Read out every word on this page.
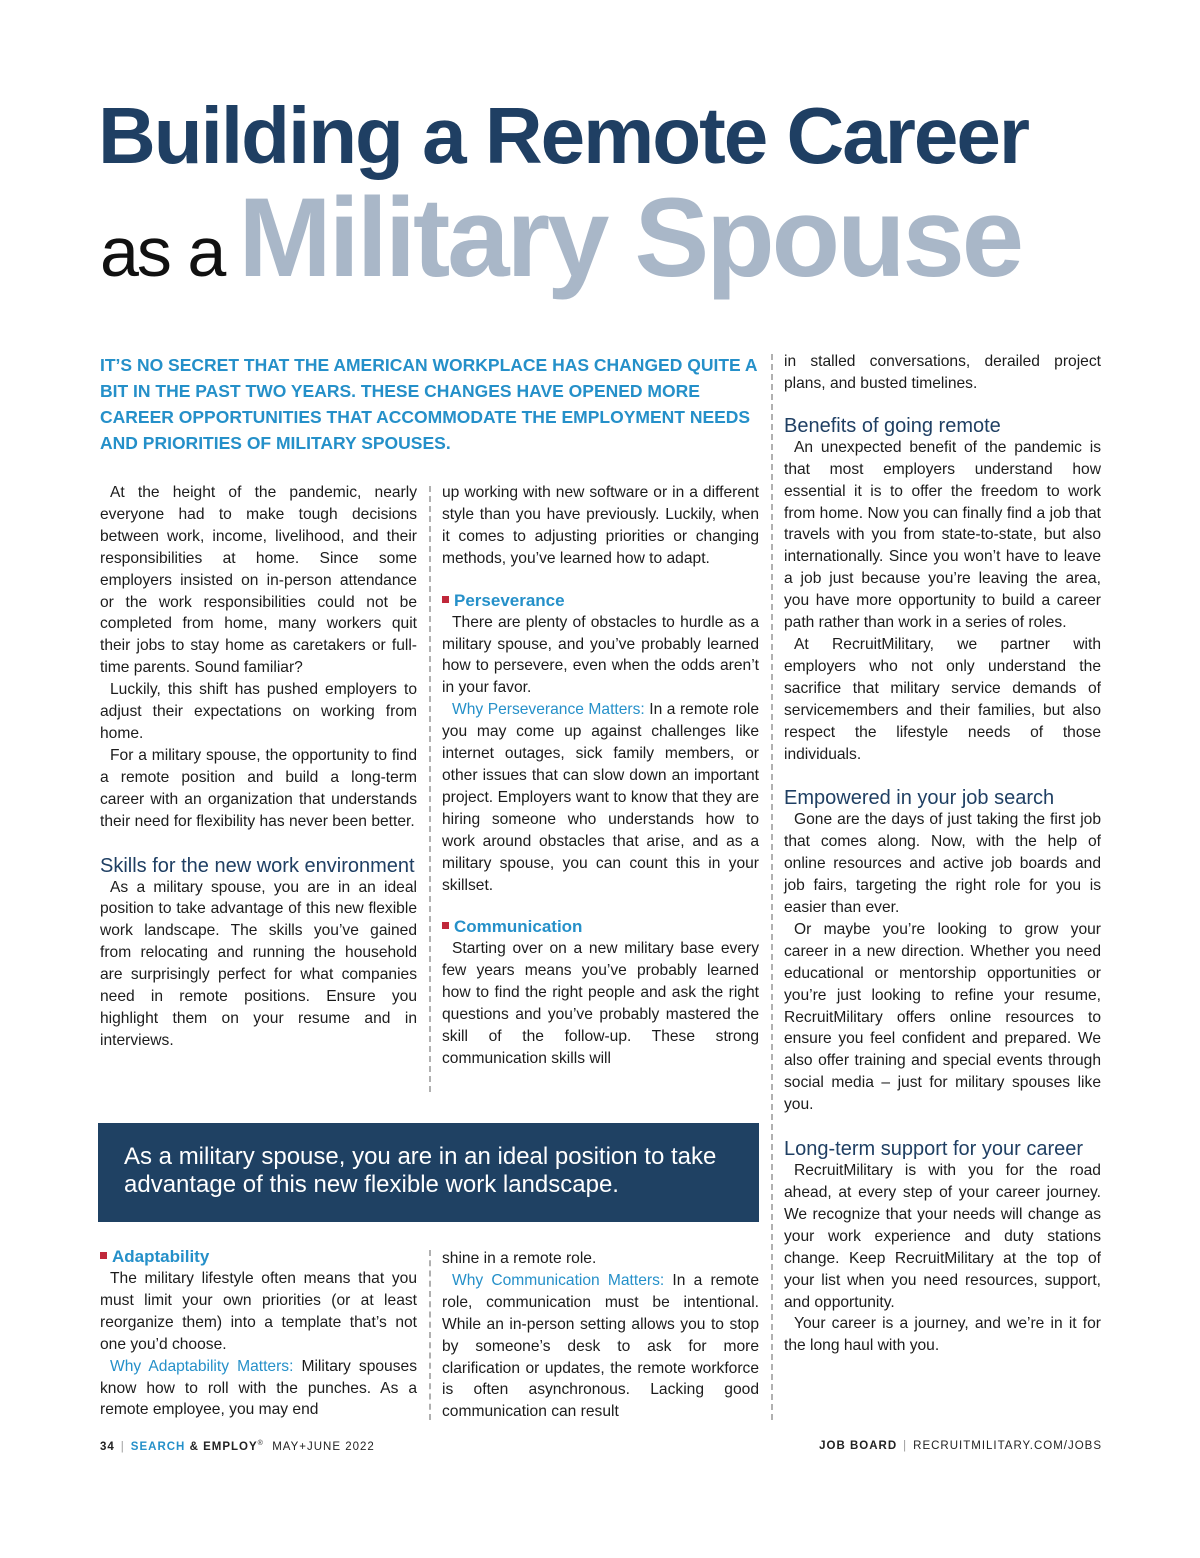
Building a Remote Career
as a Military Spouse
IT’S NO SECRET THAT THE AMERICAN WORKPLACE HAS CHANGED QUITE A BIT IN THE PAST TWO YEARS. THESE CHANGES HAVE OPENED MORE CAREER OPPORTUNITIES THAT ACCOMMODATE THE EMPLOYMENT NEEDS AND PRIORITIES OF MILITARY SPOUSES.

At the height of the pandemic, nearly everyone had to make tough decisions between work, income, livelihood, and their responsibilities at home. Since some employers insisted on in-person attendance or the work responsibilities could not be completed from home, many workers quit their jobs to stay home as caretakers or full-time parents. Sound familiar?

Luckily, this shift has pushed employers to adjust their expectations on working from home.

For a military spouse, the opportunity to find a remote position and build a long-term career with an organization that understands their need for flexibility has never been better.

Skills for the new work environment

As a military spouse, you are in an ideal position to take advantage of this new flexible work landscape. The skills you’ve gained from relocating and running the household are surprisingly perfect for what companies need in remote positions. Ensure you highlight them on your resume and in interviews.

up working with new software or in a different style than you have previously. Luckily, when it comes to adjusting priorities or changing methods, you’ve learned how to adapt.

Perseverance

There are plenty of obstacles to hurdle as a military spouse, and you’ve probably learned how to persevere, even when the odds aren’t in your favor.

Why Perseverance Matters: In a remote role you may come up against challenges like internet outages, sick family members, or other issues that can slow down an important project. Employers want to know that they are hiring someone who understands how to work around obstacles that arise, and as a military spouse, you can count this in your skillset.

Communication

Starting over on a new military base every few years means you’ve probably learned how to find the right people and ask the right questions and you’ve probably mastered the skill of the follow-up. These strong communication skills will

As a military spouse, you are in an ideal position to take advantage of this new flexible work landscape.
Adaptability

The military lifestyle often means that you must limit your own priorities (or at least reorganize them) into a template that’s not one you’d choose.

Why Adaptability Matters: Military spouses know how to roll with the punches. As a remote employee, you may end

shine in a remote role.

Why Communication Matters: In a remote role, communication must be intentional. While an in-person setting allows you to stop by someone’s desk to ask for more clarification or updates, the remote workforce is often asynchronous. Lacking good communication can result

in stalled conversations, derailed project plans, and busted timelines.

Benefits of going remote

An unexpected benefit of the pandemic is that most employers understand how essential it is to offer the freedom to work from home. Now you can finally find a job that travels with you from state-to-state, but also internationally. Since you won’t have to leave a job just because you’re leaving the area, you have more opportunity to build a career path rather than work in a series of roles.

At RecruitMilitary, we partner with employers who not only understand the sacrifice that military service demands of servicemembers and their families, but also respect the lifestyle needs of those individuals.

Empowered in your job search

Gone are the days of just taking the first job that comes along. Now, with the help of online resources and active job boards and job fairs, targeting the right role for you is easier than ever.

Or maybe you’re looking to grow your career in a new direction. Whether you need educational or mentorship opportunities or you’re just looking to refine your resume, RecruitMilitary offers online resources to ensure you feel confident and prepared. We also offer training and special events through social media – just for military spouses like you.

Long-term support for your career

RecruitMilitary is with you for the road ahead, at every step of your career journey. We recognize that your needs will change as your work experience and duty stations change. Keep RecruitMilitary at the top of your list when you need resources, support, and opportunity.

Your career is a journey, and we’re in it for the long haul with you.

34 | SEARCH & EMPLOY® MAY+JUNE 2022	JOB BOARD | RECRUITMILITARY.COM/JOBS
